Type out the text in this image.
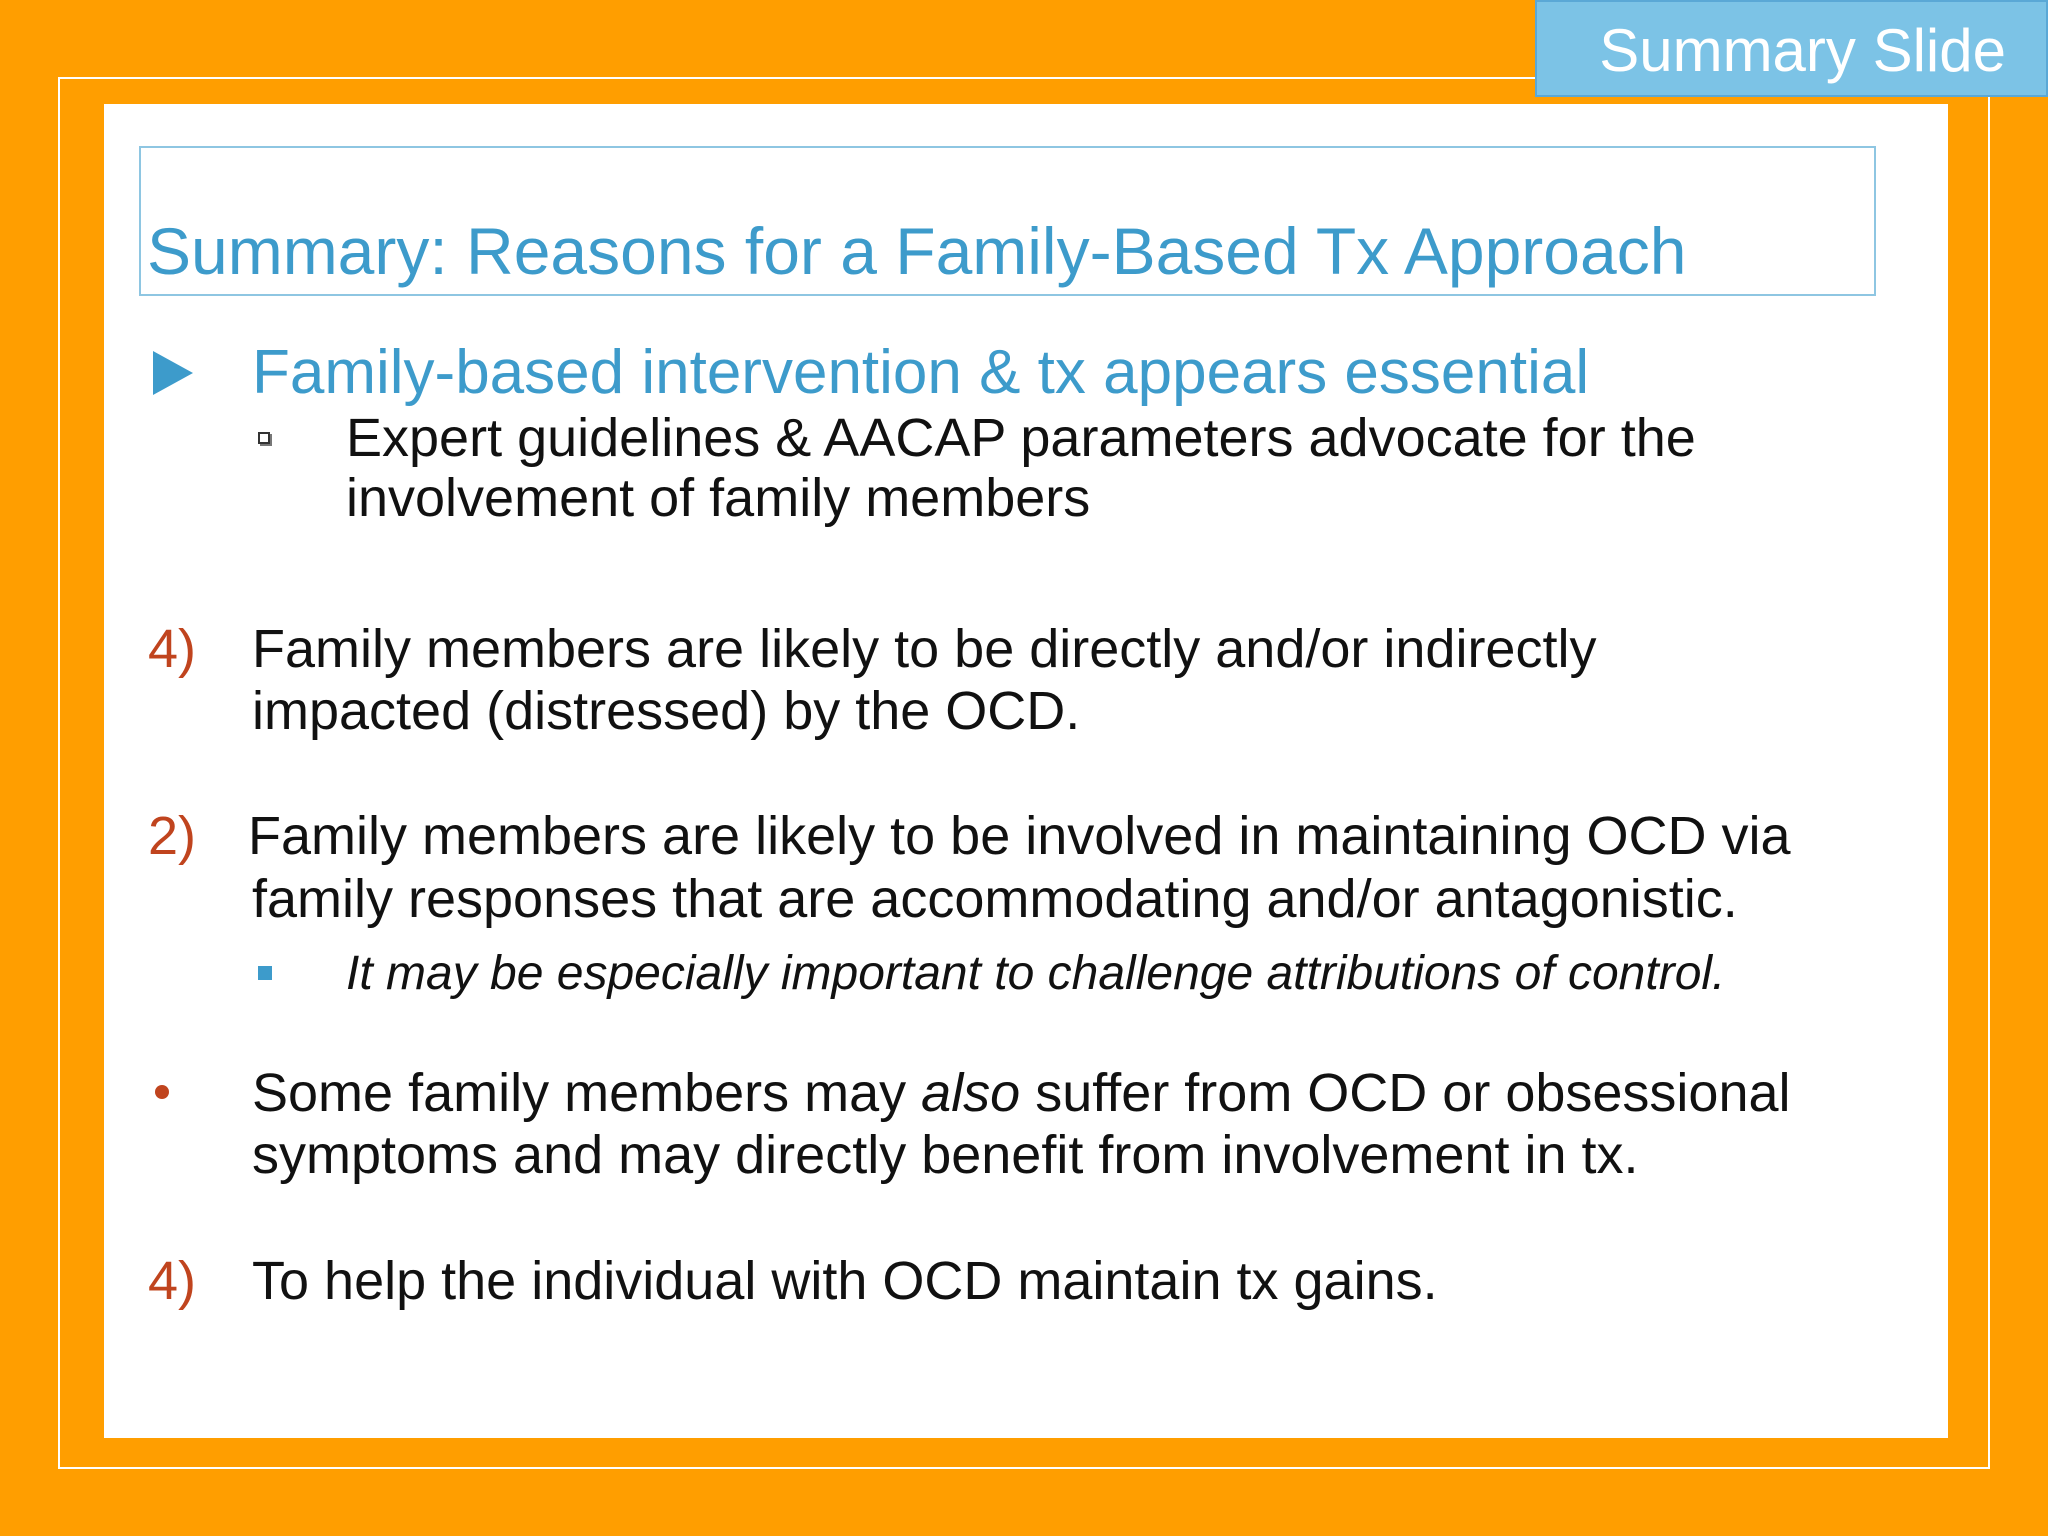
Summary Slide
Summary: Reasons for a Family-Based Tx Approach
Family-based intervention & tx appears essential
Expert guidelines & AACAP parameters advocate for the
involvement of family members
4) Family members are likely to be directly and/or indirectly
impacted (distressed) by the OCD.
2) Family members are likely to be involved in maintaining OCD via
family responses that are accommodating and/or antagonistic.
It may be especially important to challenge attributions of control.
Some family members may also suffer from OCD or obsessional
symptoms and may directly benefit from involvement in tx.
4) To help the individual with OCD maintain tx gains.
